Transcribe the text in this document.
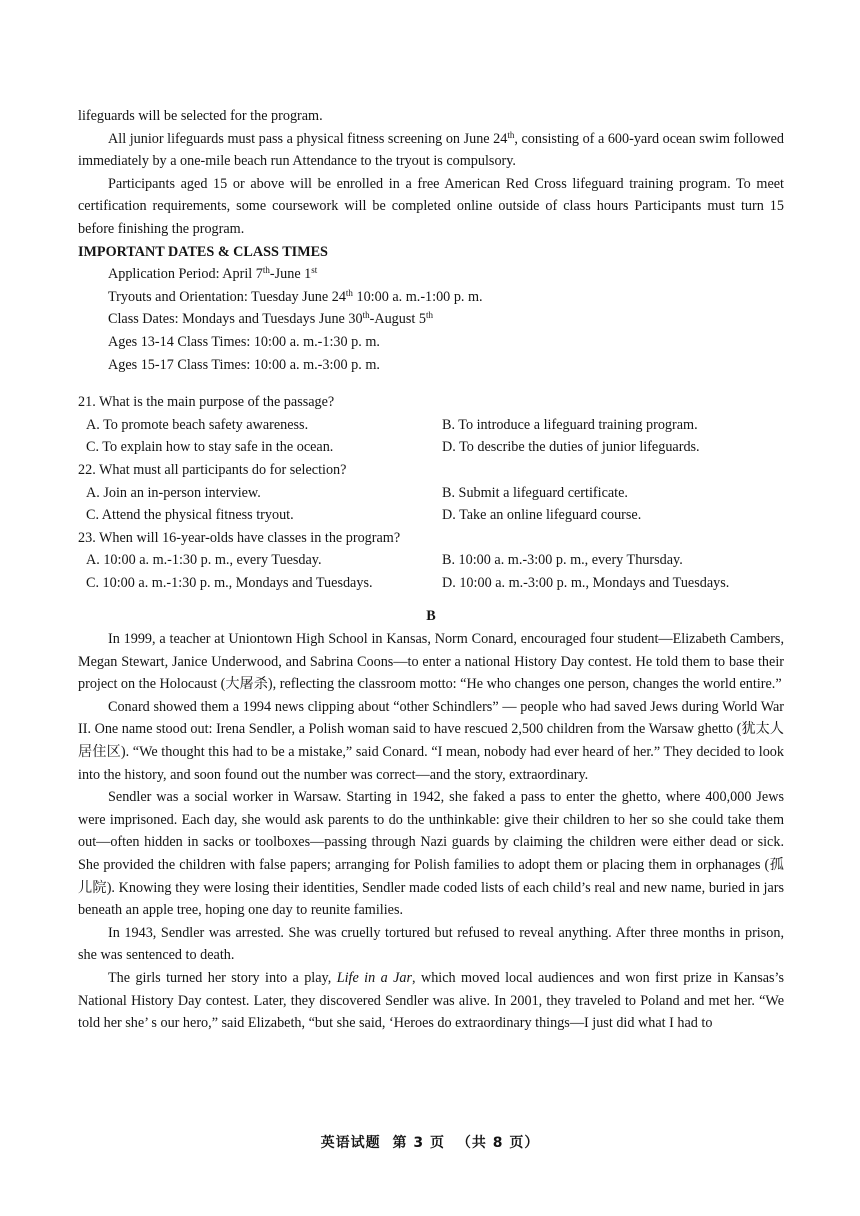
lifeguards will be selected for the program.

All junior lifeguards must pass a physical fitness screening on June 24th, consisting of a 600-yard ocean swim followed immediately by a one-mile beach run Attendance to the tryout is compulsory.

Participants aged 15 or above will be enrolled in a free American Red Cross lifeguard training program. To meet certification requirements, some coursework will be completed online outside of class hours Participants must turn 15 before finishing the program.

IMPORTANT DATES & CLASS TIMES
Application Period: April 7th-June 1st
Tryouts and Orientation: Tuesday June 24th 10:00 a. m.-1:00 p. m.
Class Dates: Mondays and Tuesdays June 30th-August 5th
Ages 13-14 Class Times: 10:00 a. m.-1:30 p. m.
Ages 15-17 Class Times: 10:00 a. m.-3:00 p. m.
21. What is the main purpose of the passage?
A. To promote beach safety awareness.	B. To introduce a lifeguard training program.
C. To explain how to stay safe in the ocean.	D. To describe the duties of junior lifeguards.
22. What must all participants do for selection?
A. Join an in-person interview.	B. Submit a lifeguard certificate.
C. Attend the physical fitness tryout.	D. Take an online lifeguard course.
23. When will 16-year-olds have classes in the program?
A. 10:00 a. m.-1:30 p. m., every Tuesday.	B. 10:00 a. m.-3:00 p. m., every Thursday.
C. 10:00 a. m.-1:30 p. m., Mondays and Tuesdays.	D. 10:00 a. m.-3:00 p. m., Mondays and Tuesdays.
B

In 1999, a teacher at Uniontown High School in Kansas, Norm Conard, encouraged four student—Elizabeth Cambers, Megan Stewart, Janice Underwood, and Sabrina Coons—to enter a national History Day contest. He told them to base their project on the Holocaust (大屠杀), reflecting the classroom motto: “He who changes one person, changes the world entire.”

Conard showed them a 1994 news clipping about “other Schindlers” — people who had saved Jews during World War II. One name stood out: Irena Sendler, a Polish woman said to have rescued 2,500 children from the Warsaw ghetto (犹太人居住区). “We thought this had to be a mistake,” said Conard. “I mean, nobody had ever heard of her.” They decided to look into the history, and soon found out the number was correct—and the story, extraordinary.

Sendler was a social worker in Warsaw. Starting in 1942, she faked a pass to enter the ghetto, where 400,000 Jews were imprisoned. Each day, she would ask parents to do the unthinkable: give their children to her so she could take them out—often hidden in sacks or toolboxes—passing through Nazi guards by claiming the children were either dead or sick. She provided the children with false papers; arranging for Polish families to adopt them or placing them in orphanages (孤儿院). Knowing they were losing their identities, Sendler made coded lists of each child’s real and new name, buried in jars beneath an apple tree, hoping one day to reunite families.

In 1943, Sendler was arrested. She was cruelly tortured but refused to reveal anything. After three months in prison, she was sentenced to death.

The girls turned her story into a play, Life in a Jar, which moved local audiences and won first prize in Kansas’s National History Day contest. Later, they discovered Sendler was alive. In 2001, they traveled to Poland and met her. “We told her she’ s our hero,” said Elizabeth, “but she said, ‘Heroes do extraordinary things—I just did what I had to

英语试题 第 3 页 （共 8 页）
